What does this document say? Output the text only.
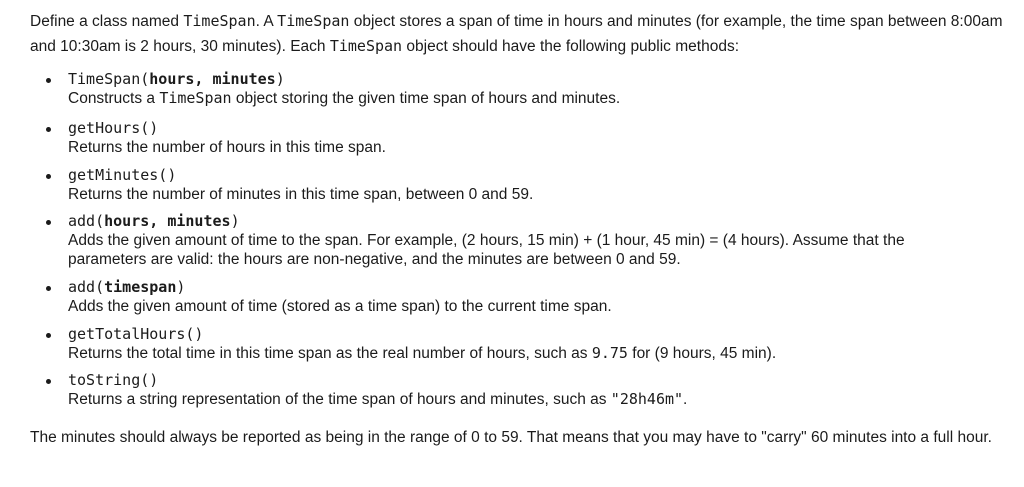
Define a class named TimeSpan. A TimeSpan object stores a span of time in hours and minutes (for example, the time span between 8:00am and 10:30am is 2 hours, 30 minutes). Each TimeSpan object should have the following public methods:

TimeSpan(hours, minutes)
Constructs a TimeSpan object storing the given time span of hours and minutes.
getHours()
Returns the number of hours in this time span.
getMinutes()
Returns the number of minutes in this time span, between 0 and 59.
add(hours, minutes)
Adds the given amount of time to the span. For example, (2 hours, 15 min) + (1 hour, 45 min) = (4 hours). Assume that the parameters are valid: the hours are non-negative, and the minutes are between 0 and 59.
add(timespan)
Adds the given amount of time (stored as a time span) to the current time span.
getTotalHours()
Returns the total time in this time span as the real number of hours, such as 9.75 for (9 hours, 45 min).
toString()
Returns a string representation of the time span of hours and minutes, such as "28h46m".

The minutes should always be reported as being in the range of 0 to 59. That means that you may have to "carry" 60 minutes into a full hour.
